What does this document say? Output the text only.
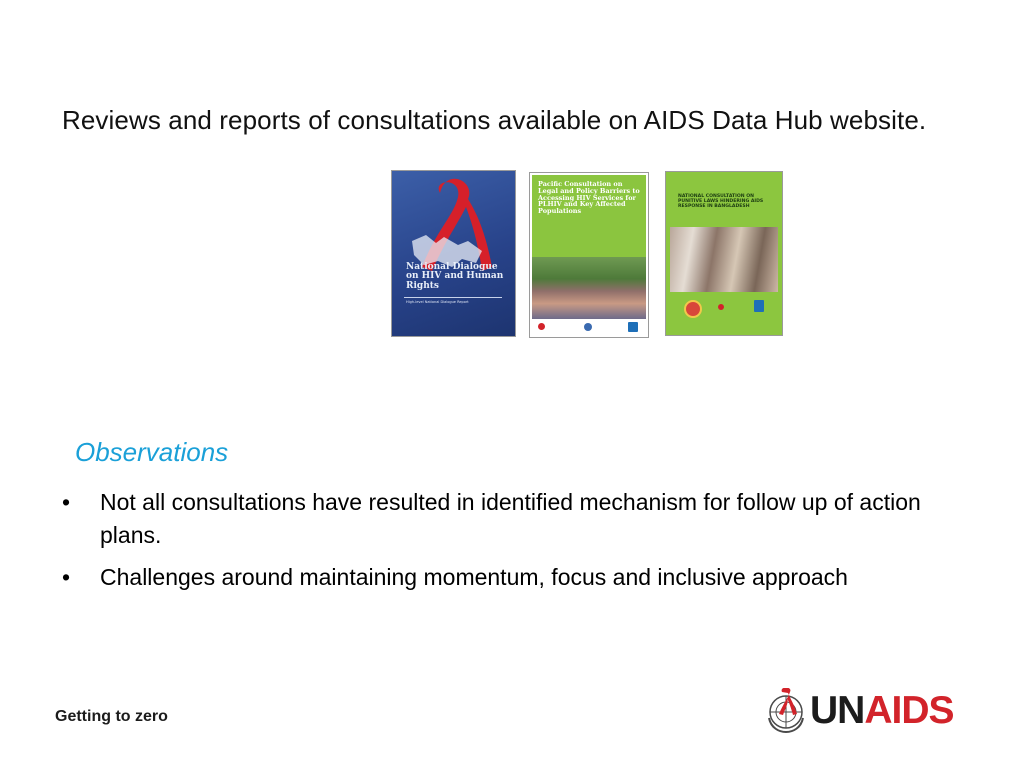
Reviews and reports of consultations available on AIDS Data Hub website.
National Dialogue on HIV and Human Rights
High-level National Dialogue Report
Pacific Consultation on Legal and Policy Barriers to Accessing HIV Services for PLHIV and Key Affected Populations
NATIONAL CONSULTATION ON PUNITIVE LAWS HINDERING AIDS RESPONSE IN BANGLADESH
Observations
• Not all consultations have resulted in identified mechanism for follow up of action plans.
• Challenges around maintaining momentum, focus and inclusive approach
Getting to zero	UNAIDS
